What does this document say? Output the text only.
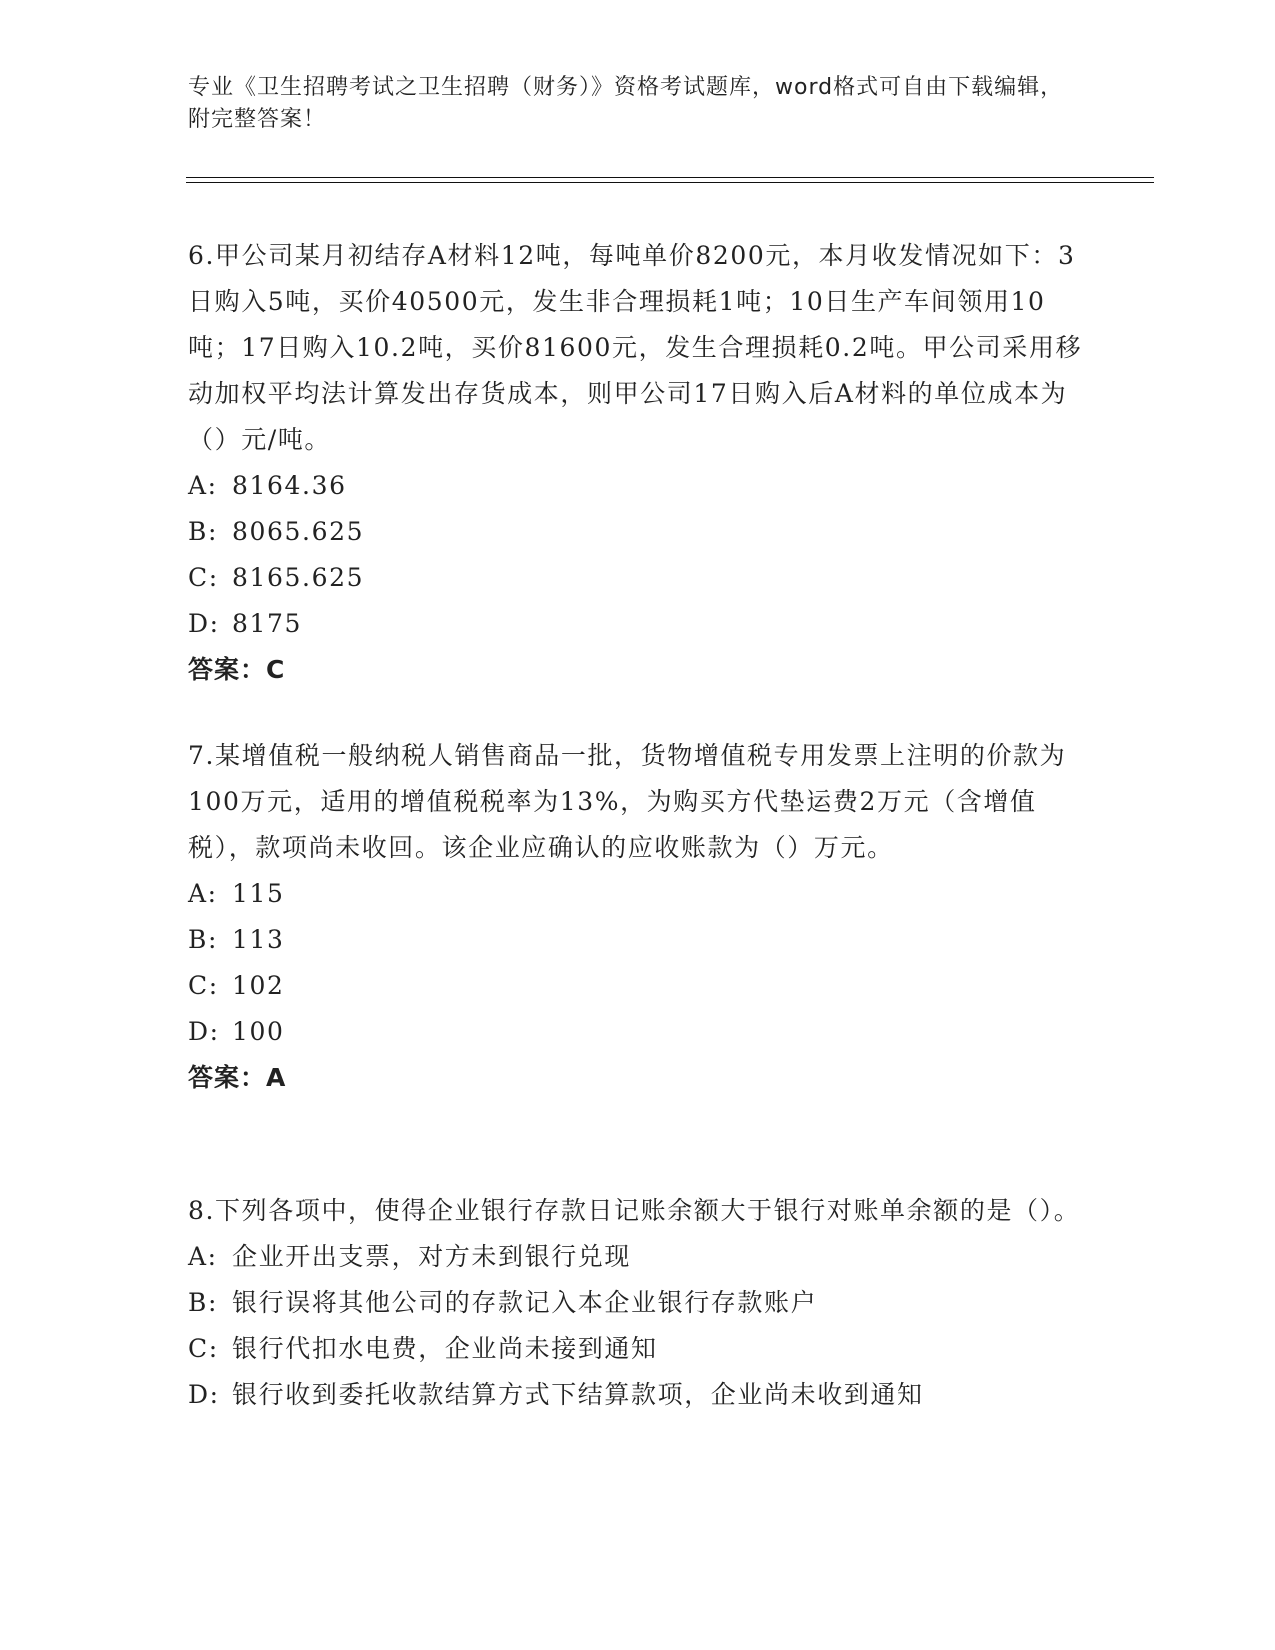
专业《卫生招聘考试之卫生招聘（财务）》资格考试题库，word格式可自由下载编辑，附完整答案！

6.甲公司某月初结存A材料12吨，每吨单价8200元，本月收发情况如下：3日购入5吨，买价40500元，发生非合理损耗1吨；10日生产车间领用10吨；17日购入10.2吨，买价81600元，发生合理损耗0.2吨。甲公司采用移动加权平均法计算发出存货成本，则甲公司17日购入后A材料的单位成本为（）元/吨。

A: 8164.36

B: 8065.625

C: 8165.625

D: 8175

答案：C

7.某增值税一般纳税人销售商品一批，货物增值税专用发票上注明的价款为100万元，适用的增值税税率为13%，为购买方代垫运费2万元（含增值税），款项尚未收回。该企业应确认的应收账款为（）万元。

A: 115

B: 113

C: 102

D: 100

答案：A

8.下列各项中，使得企业银行存款日记账余额大于银行对账单余额的是（）。

A: 企业开出支票，对方未到银行兑现

B: 银行误将其他公司的存款记入本企业银行存款账户

C: 银行代扣水电费，企业尚未接到通知

D: 银行收到委托收款结算方式下结算款项，企业尚未收到通知
